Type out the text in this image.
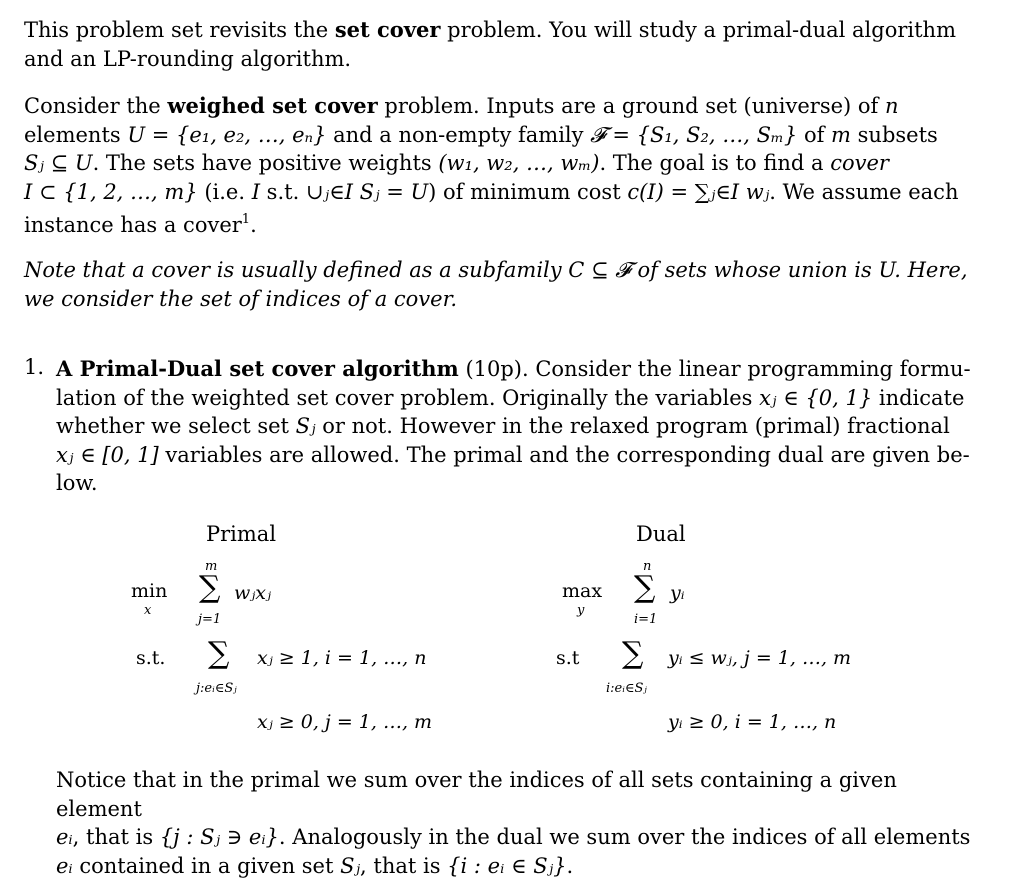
This problem set revisits the set cover problem. You will study a primal-dual algorithm
and an LP-rounding algorithm.

Consider the weighed set cover problem. Inputs are a ground set (universe) of n
elements U = {e₁, e₂, …, eₙ} and a non-empty family 𝓕 = {S₁, S₂, …, Sₘ} of m subsets
Sⱼ ⊆ U. The sets have positive weights (w₁, w₂, …, wₘ). The goal is to find a cover
I ⊂ {1, 2, …, m} (i.e. I s.t. ∪ⱼ∈I Sⱼ = U) of minimum cost c(I) = ∑ⱼ∈I wⱼ. We assume each
instance has a cover$^1$.

Note that a cover is usually defined as a subfamily C ⊆ 𝓕 of sets whose union is U. Here,
we consider the set of indices of a cover.

1. A Primal-Dual set cover algorithm (10p). Consider the linear programming formu-
lation of the weighted set cover problem. Originally the variables xⱼ ∈ {0, 1} indicate
whether we select set Sⱼ or not. However in the relaxed program (primal) fractional
xⱼ ∈ [0, 1] variables are allowed. The primal and the corresponding dual are given be-
low.

Primal	Dual
min
x
m
∑
j=1
wⱼxⱼ	max
y
n
∑
i=1
yᵢ
s.t. ∑
j:eᵢ∈Sⱼ
xⱼ ≥ 1, i = 1, …, n	s.t ∑
i:eᵢ∈Sⱼ
yᵢ ≤ wⱼ, j = 1, …, m
xⱼ ≥ 0, j = 1, …, m	yᵢ ≥ 0, i = 1, …, n

Notice that in the primal we sum over the indices of all sets containing a given element
eᵢ, that is {j : Sⱼ ∋ eᵢ}. Analogously in the dual we sum over the indices of all elements
eᵢ contained in a given set Sⱼ, that is {i : eᵢ ∈ Sⱼ}.
